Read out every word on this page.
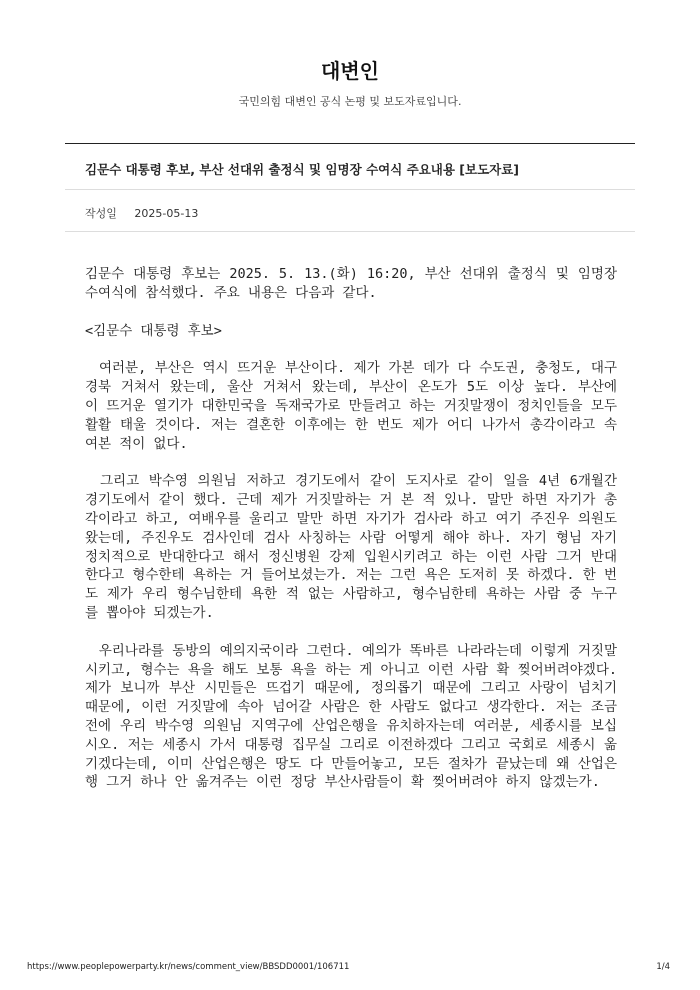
대변인
국민의힘 대변인 공식 논평 및 보도자료입니다.
김문수 대통령 후보, 부산 선대위 출정식 및 임명장 수여식 주요내용 [보도자료]
작성일 2025-05-13

김문수 대통령 후보는 2025. 5. 13.(화) 16:20, 부산 선대위 출정식 및 임명장 수여식에 참석했다. 주요 내용은 다음과 같다.

<김문수 대통령 후보>

　여러분, 부산은 역시 뜨거운 부산이다. 제가 가본 데가 다 수도권, 충청도, 대구 경북 거쳐서 왔는데, 울산 거쳐서 왔는데, 부산이 온도가 5도 이상 높다. 부산에 이 뜨거운 열기가 대한민국을 독재국가로 만들려고 하는 거짓말쟁이 정치인들을 모두 활활 태울 것이다. 저는 결혼한 이후에는 한 번도 제가 어디 나가서 총각이라고 속여본 적이 없다.

　그리고 박수영 의원님 저하고 경기도에서 같이 도지사로 같이 일을 4년 6개월간 경기도에서 같이 했다. 근데 제가 거짓말하는 거 본 적 있나. 말만 하면 자기가 총각이라고 하고, 여배우를 울리고 말만 하면 자기가 검사라 하고 여기 주진우 의원도 왔는데, 주진우도 검사인데 검사 사칭하는 사람 어떻게 해야 하나. 자기 형님 자기 정치적으로 반대한다고 해서 정신병원 강제 입원시키려고 하는 이런 사람 그거 반대 한다고 형수한테 욕하는 거 들어보셨는가. 저는 그런 욕은 도저히 못 하겠다. 한 번도 제가 우리 형수님한테 욕한 적 없는 사람하고, 형수님한테 욕하는 사람 중 누구를 뽑아야 되겠는가.

　우리나라를 동방의 예의지국이라 그런다. 예의가 똑바른 나라라는데 이렇게 거짓말 시키고, 형수는 욕을 해도 보통 욕을 하는 게 아니고 이런 사람 확 찢어버려야겠다. 제가 보니까 부산 시민들은 뜨겁기 때문에, 정의롭기 때문에 그리고 사랑이 넘치기 때문에, 이런 거짓말에 속아 넘어갈 사람은 한 사람도 없다고 생각한다. 저는 조금 전에 우리 박수영 의원님 지역구에 산업은행을 유치하자는데 여러분, 세종시를 보십시오. 저는 세종시 가서 대통령 집무실 그리로 이전하겠다 그리고 국회로 세종시 옮기겠다는데, 이미 산업은행은 땅도 다 만들어놓고, 모든 절차가 끝났는데 왜 산업은행 그거 하나 안 옮겨주는 이런 정당 부산사람들이 확 찢어버려야 하지 않겠는가.

https://www.peoplepowerparty.kr/news/comment_view/BBSDD0001/106711	1/4
